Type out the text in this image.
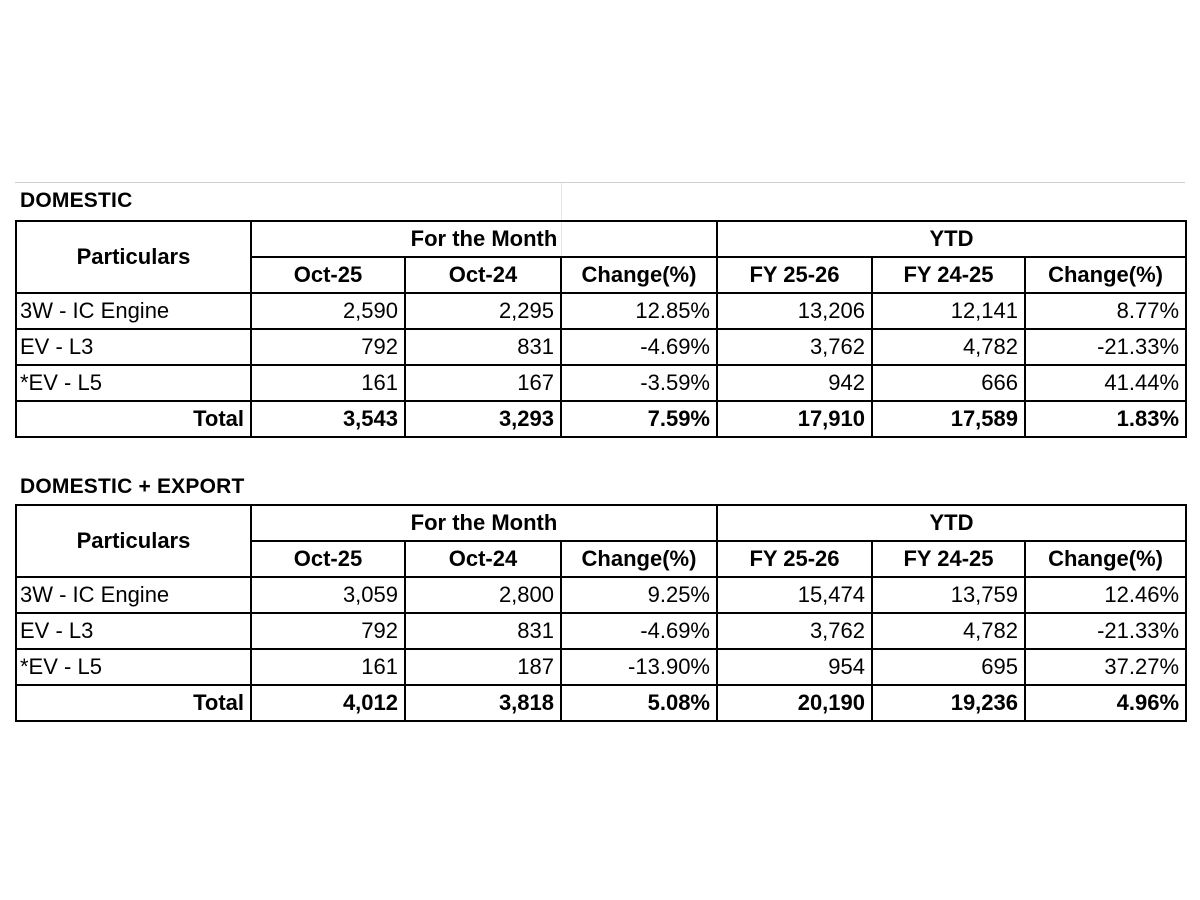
DOMESTIC
Particulars	For the Month			YTD		
	Oct-25	Oct-24	Change(%)	FY 25-26	FY 24-25	Change(%)
3W - IC Engine	2,590	2,295	12.85%	13,206	12,141	8.77%
EV - L3	792	831	-4.69%	3,762	4,782	-21.33%
*EV - L5	161	167	-3.59%	942	666	41.44%
Total	3,543	3,293	7.59%	17,910	17,589	1.83%
DOMESTIC + EXPORT
Particulars	For the Month			YTD		
	Oct-25	Oct-24	Change(%)	FY 25-26	FY 24-25	Change(%)
3W - IC Engine	3,059	2,800	9.25%	15,474	13,759	12.46%
EV - L3	792	831	-4.69%	3,762	4,782	-21.33%
*EV - L5	161	187	-13.90%	954	695	37.27%
Total	4,012	3,818	5.08%	20,190	19,236	4.96%
